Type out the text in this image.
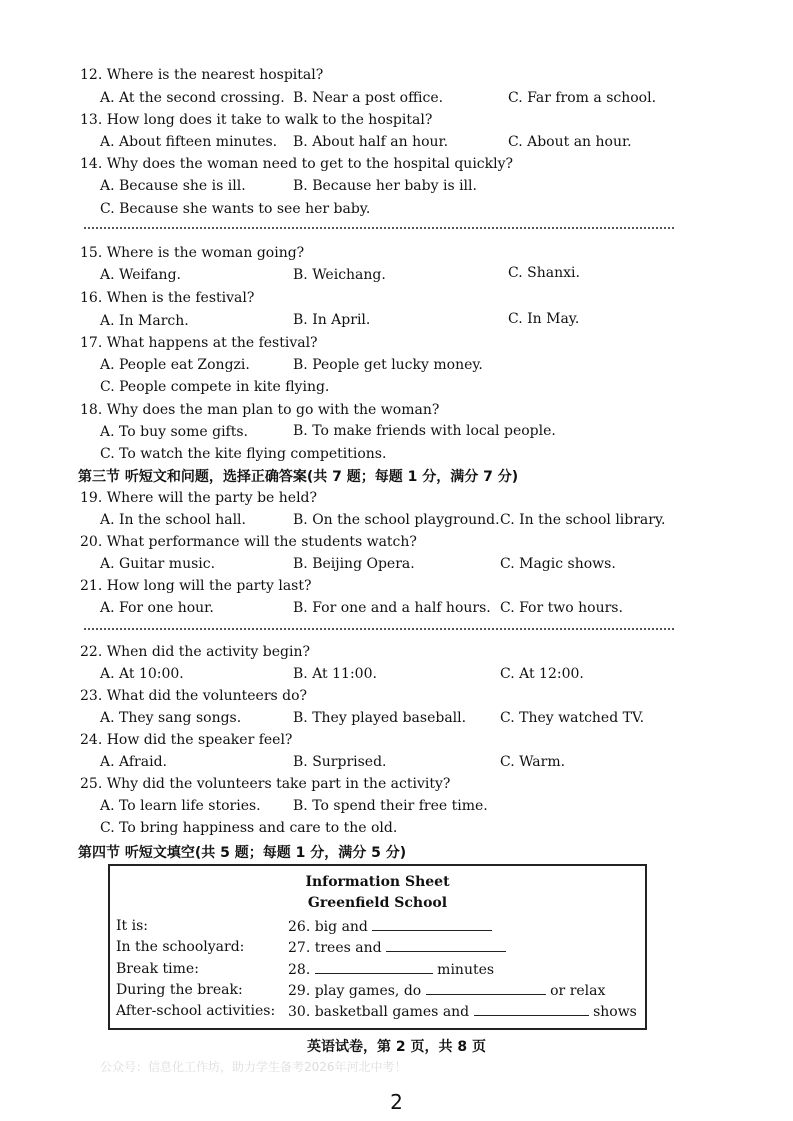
12. Where is the nearest hospital?
A. At the second crossing. B. Near a post office.	C. Far from a school.
13. How long does it take to walk to the hospital?
A. About fifteen minutes. B. About half an hour.	C. About an hour.
14. Why does the woman need to get to the hospital quickly?
A. Because she is ill.	B. Because her baby is ill.
C. Because she wants to see her baby.
15. Where is the woman going?
A. Weifang.	B. Weichang.	C. Shanxi.
16. When is the festival?
A. In March.	B. In April.	C. In May.
17. What happens at the festival?
A. People eat Zongzi.	B. People get lucky money.
C. People compete in kite flying.
18. Why does the man plan to go with the woman?
A. To buy some gifts.	B. To make friends with local people.
C. To watch the kite flying competitions.
第三节 听短文和问题，选择正确答案(共 7 题；每题 1 分，满分 7 分)
19. Where will the party be held?
A. In the school hall.	B. On the school playground. C. In the school library.
20. What performance will the students watch?
A. Guitar music.	B. Beijing Opera.	C. Magic shows.
21. How long will the party last?
A. For one hour.	B. For one and a half hours. C. For two hours.
22. When did the activity begin?
A. At 10:00.	B. At 11:00.	C. At 12:00.
23. What did the volunteers do?
A. They sang songs.	B. They played baseball. C. They watched TV.
24. How did the speaker feel?
A. Afraid.	B. Surprised.	C. Warm.
25. Why did the volunteers take part in the activity?
A. To learn life stories. B. To spend their free time.
C. To bring happiness and care to the old.
第四节 听短文填空(共 5 题；每题 1 分，满分 5 分)
Information Sheet
Greenfield School
It is:	26. big and
In the schoolyard:	27. trees and
Break time:	28.	minutes
During the break:	29. play games, do	or relax
After-school activities: 30. basketball games and	shows
英语试卷，第 2 页，共 8 页
公众号：信息化工作坊，助力学生备考2026年河北中考！
2
